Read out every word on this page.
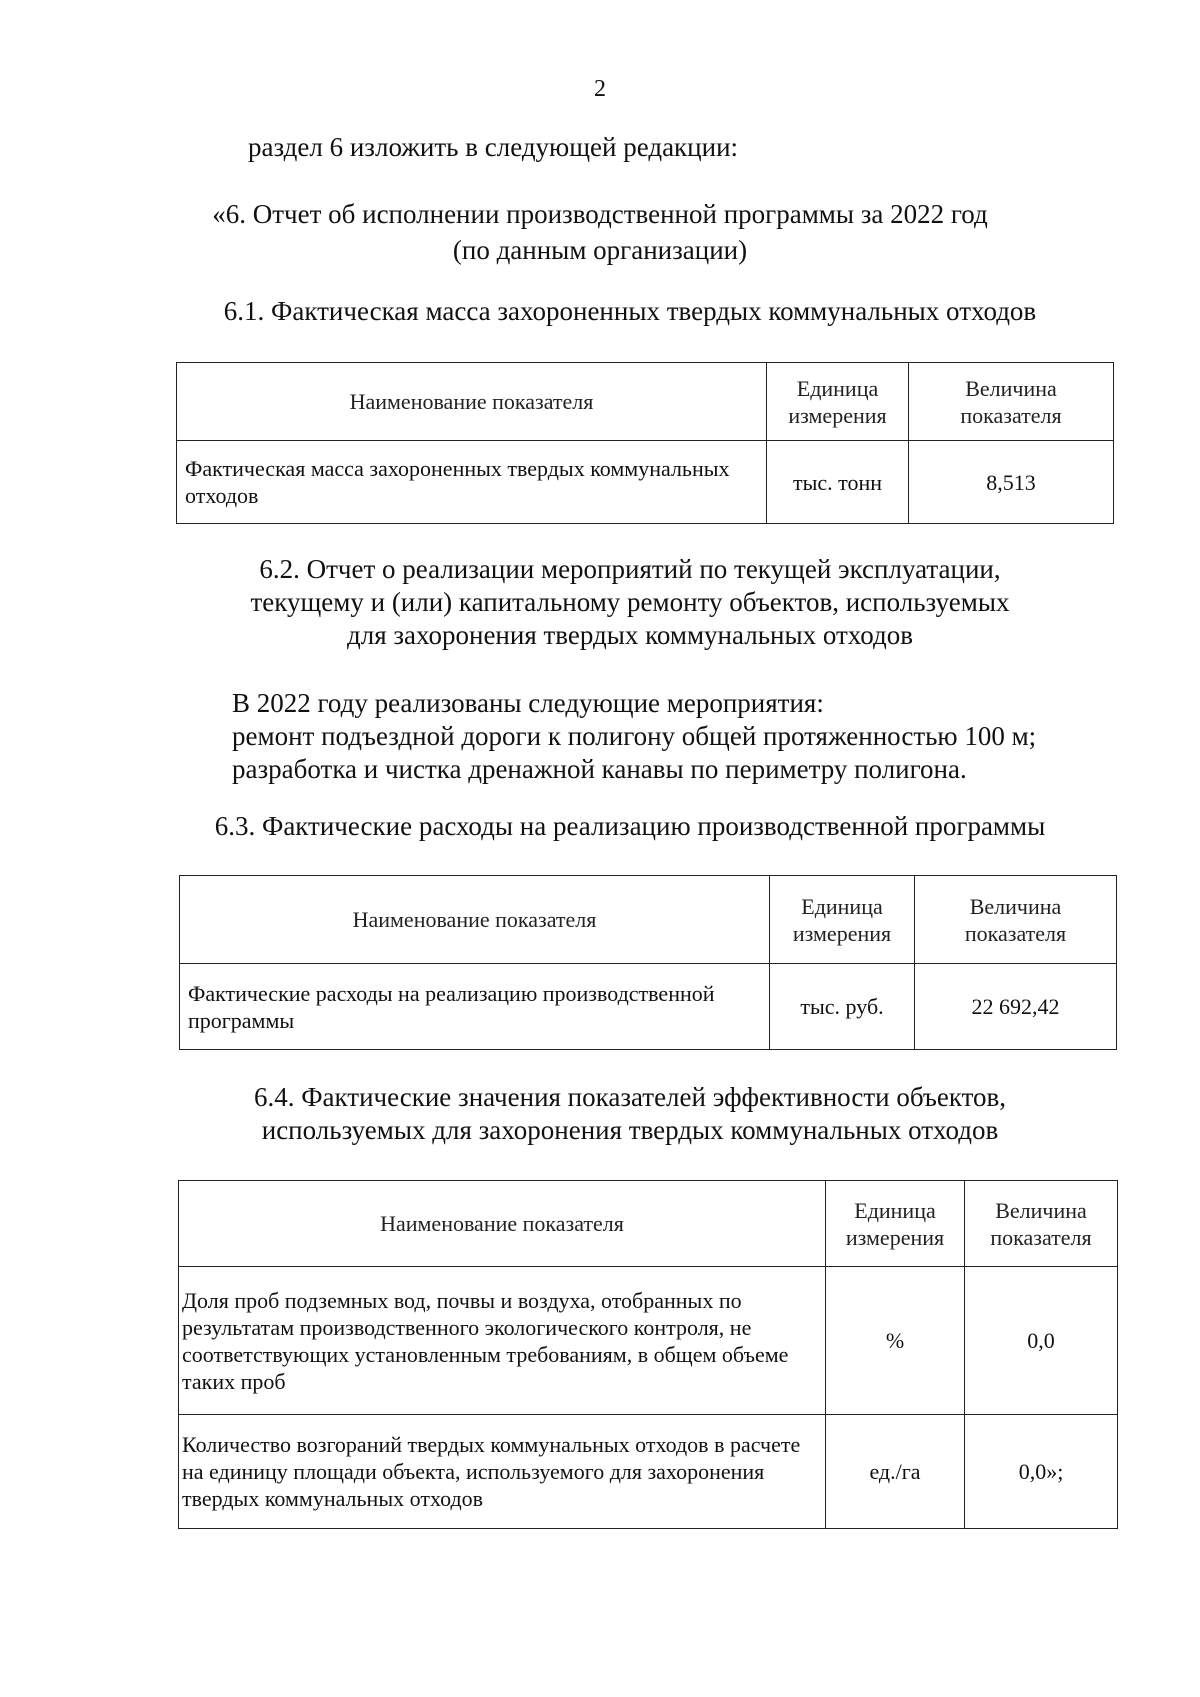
2
раздел 6 изложить в следующей редакции:
«6. Отчет об исполнении производственной программы за 2022 год
(по данным организации)
6.1. Фактическая масса захороненных твердых коммунальных отходов
Наименование показателя	Единица измерения	Величина показателя
Фактическая масса захороненных твердых коммунальных отходов	тыс. тонн	8,513
6.2. Отчет о реализации мероприятий по текущей эксплуатации,
текущему и (или) капитальному ремонту объектов, используемых
для захоронения твердых коммунальных отходов
В 2022 году реализованы следующие мероприятия:
ремонт подъездной дороги к полигону общей протяженностью 100 м;
разработка и чистка дренажной канавы по периметру полигона.
6.3. Фактические расходы на реализацию производственной программы
Наименование показателя	Единица измерения	Величина показателя
Фактические расходы на реализацию производственной программы	тыс. руб.	22 692,42
6.4. Фактические значения показателей эффективности объектов,
используемых для захоронения твердых коммунальных отходов
Наименование показателя	Единица измерения	Величина показателя
Доля проб подземных вод, почвы и воздуха, отобранных по результатам производственного экологического контроля, не соответствующих установленным требованиям, в общем объеме таких проб	%	0,0
Количество возгораний твердых коммунальных отходов в расчете на единицу площади объекта, используемого для захоронения твердых коммунальных отходов	ед./га	0,0»;
